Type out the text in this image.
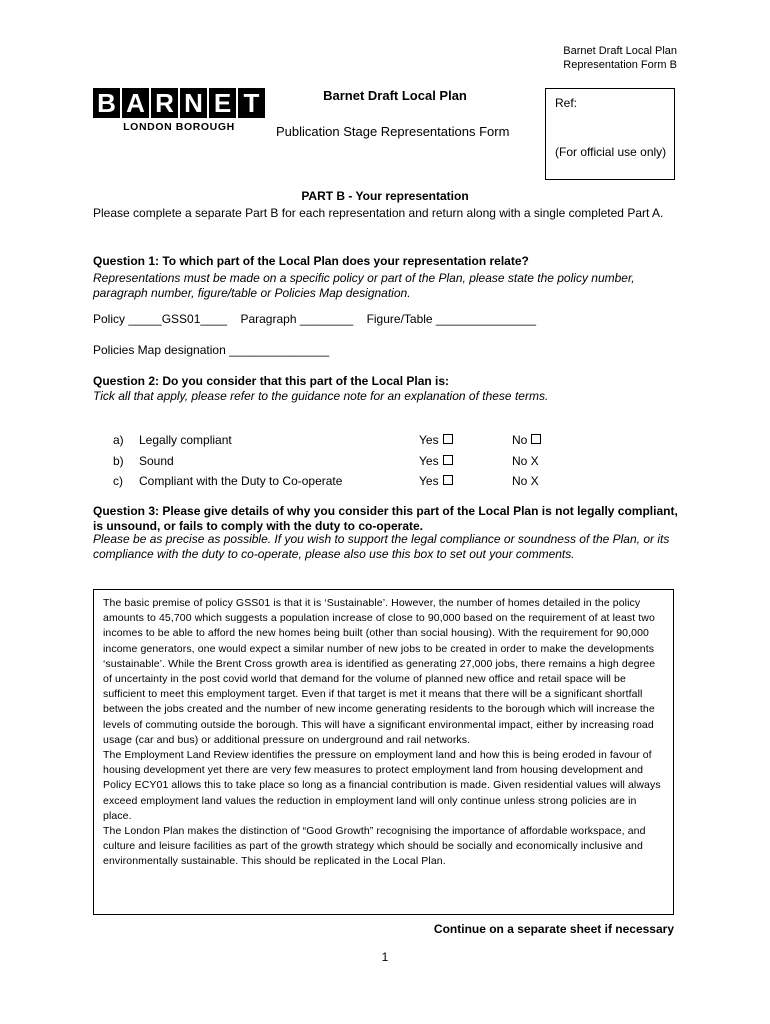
Barnet Draft Local Plan
Representation Form B
B A R N E T
LONDON BOROUGH
Barnet Draft Local Plan
Publication Stage Representations Form
Ref:
(For official use only)
PART B - Your representation
Please complete a separate Part B for each representation and return along with a single completed Part A.
Question 1: To which part of the Local Plan does your representation relate?
Representations must be made on a specific policy or part of the Plan, please state the policy number, paragraph number, figure/table or Policies Map designation.
Policy _____GSS01____ Paragraph ________ Figure/Table _______________
Policies Map designation _______________
Question 2: Do you consider that this part of the Local Plan is:
Tick all that apply, please refer to the guidance note for an explanation of these terms.
a)	Legally compliant	Yes	No
b)	Sound	Yes	No X
c)	Compliant with the Duty to Co-operate	Yes	No X
Question 3: Please give details of why you consider this part of the Local Plan is not legally compliant, is unsound, or fails to comply with the duty to co-operate.
Please be as precise as possible. If you wish to support the legal compliance or soundness of the Plan, or its compliance with the duty to co-operate, please also use this box to set out your comments.

The basic premise of policy GSS01 is that it is ‘Sustainable’. However, the number of homes detailed in the policy amounts to 45,700 which suggests a population increase of close to 90,000 based on the requirement of at least two incomes to be able to afford the new homes being built (other than social housing). With the requirement for 90,000 income generators, one would expect a similar number of new jobs to be created in order to make the developments ‘sustainable’. While the Brent Cross growth area is identified as generating 27,000 jobs, there remains a high degree of uncertainty in the post covid world that demand for the volume of planned new office and retail space will be sufficient to meet this employment target. Even if that target is met it means that there will be a significant shortfall between the jobs created and the number of new income generating residents to the borough which will increase the levels of commuting outside the borough. This will have a significant environmental impact, either by increasing road usage (car and bus) or additional pressure on underground and rail networks.

The Employment Land Review identifies the pressure on employment land and how this is being eroded in favour of housing development yet there are very few measures to protect employment land from housing development and Policy ECY01 allows this to take place so long as a financial contribution is made. Given residential values will always exceed employment land values the reduction in employment land will only continue unless strong policies are in place.

The London Plan makes the distinction of “Good Growth” recognising the importance of affordable workspace, and culture and leisure facilities as part of the growth strategy which should be socially and economically inclusive and environmentally sustainable. This should be replicated in the Local Plan.

Continue on a separate sheet if necessary
1
